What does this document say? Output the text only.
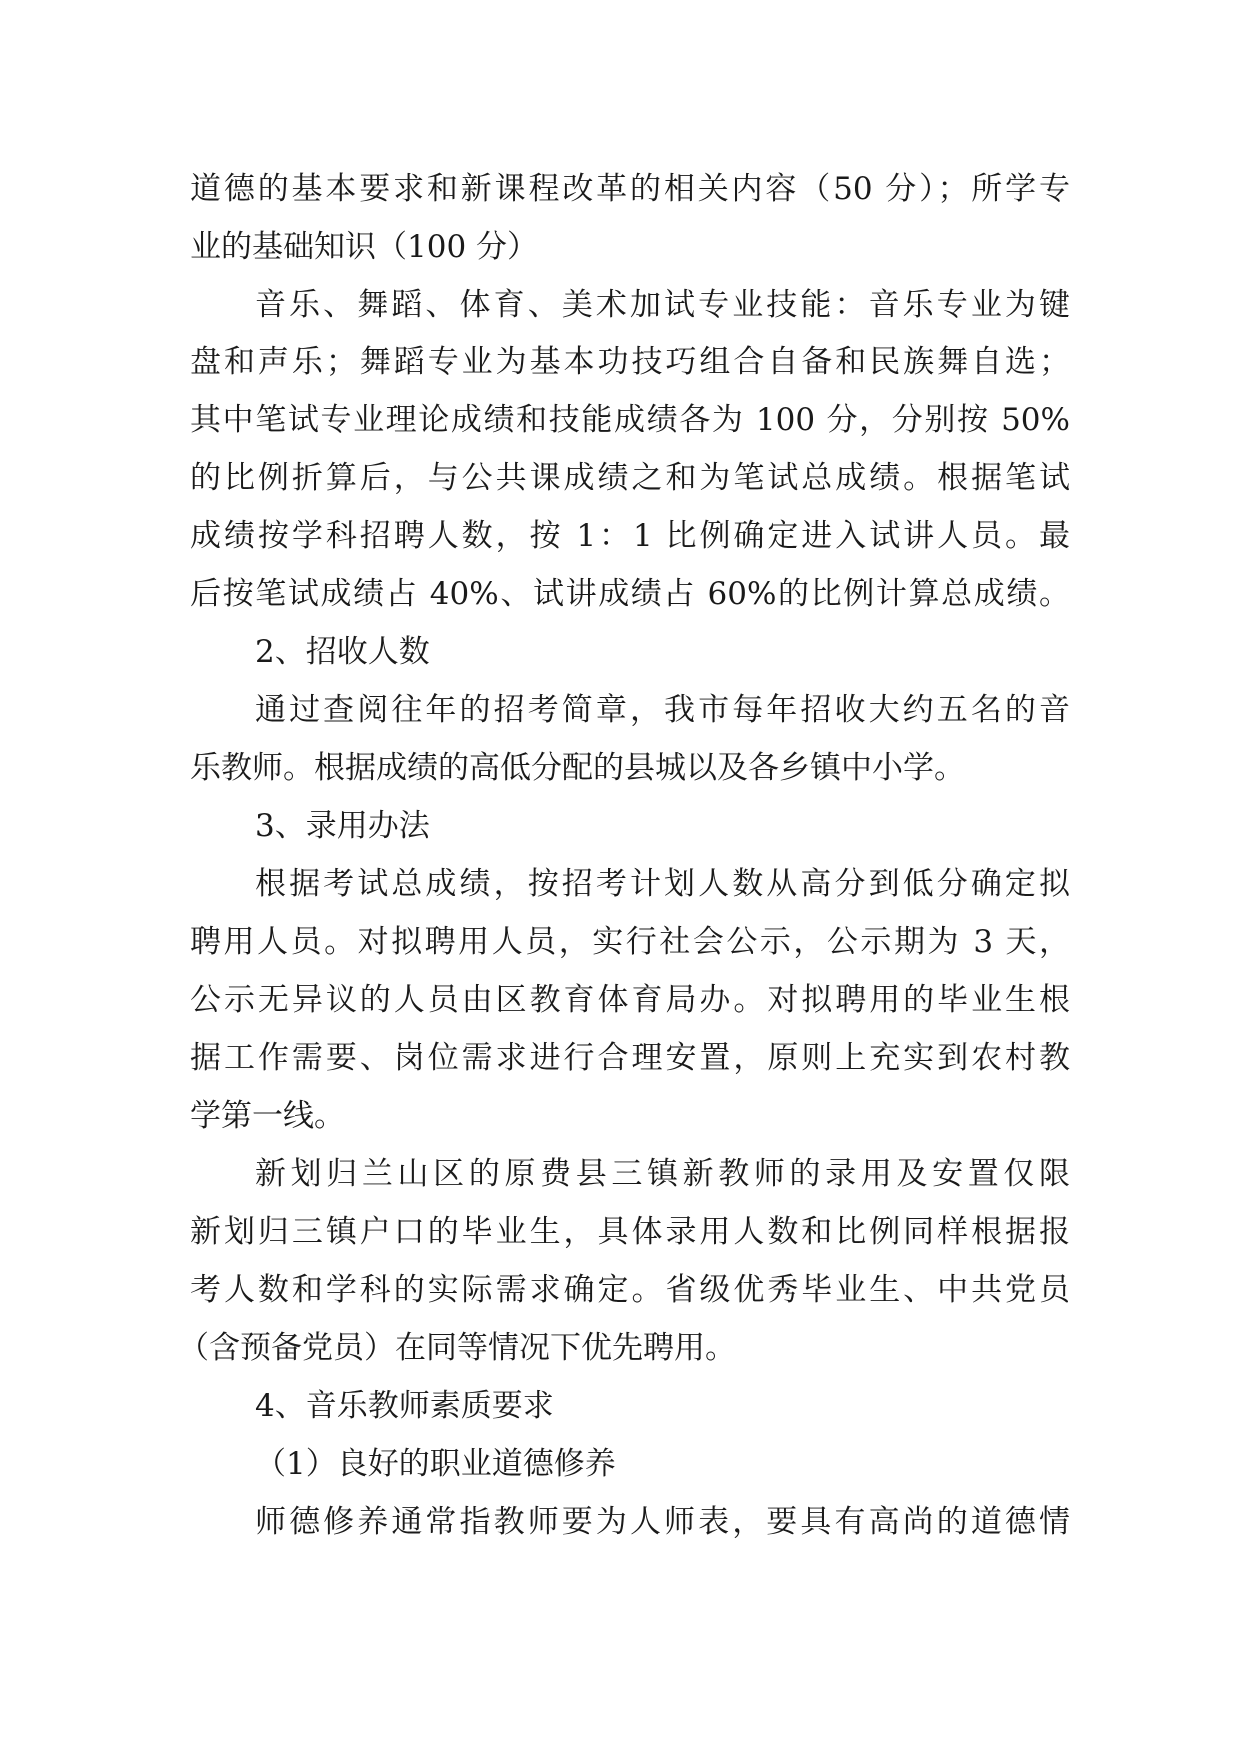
道德的基本要求和新课程改革的相关内容（50 分）；所学专
业的基础知识（100 分）
音乐、舞蹈、体育、美术加试专业技能：音乐专业为键
盘和声乐；舞蹈专业为基本功技巧组合自备和民族舞自选；
其中笔试专业理论成绩和技能成绩各为 100 分，分别按 50%
的比例折算后，与公共课成绩之和为笔试总成绩。根据笔试
成绩按学科招聘人数，按 1：1 比例确定进入试讲人员。最
后按笔试成绩占 40%、试讲成绩占 60%的比例计算总成绩。
2、招收人数
通过查阅往年的招考简章，我市每年招收大约五名的音
乐教师。根据成绩的高低分配的县城以及各乡镇中小学。
3、录用办法
根据考试总成绩，按招考计划人数从高分到低分确定拟
聘用人员。对拟聘用人员，实行社会公示，公示期为 3 天，
公示无异议的人员由区教育体育局办。对拟聘用的毕业生根
据工作需要、岗位需求进行合理安置，原则上充实到农村教
学第一线。
新划归兰山区的原费县三镇新教师的录用及安置仅限
新划归三镇户口的毕业生，具体录用人数和比例同样根据报
考人数和学科的实际需求确定。省级优秀毕业生、中共党员
（含预备党员）在同等情况下优先聘用。
4、音乐教师素质要求
（1）良好的职业道德修养
师德修养通常指教师要为人师表，要具有高尚的道德情
